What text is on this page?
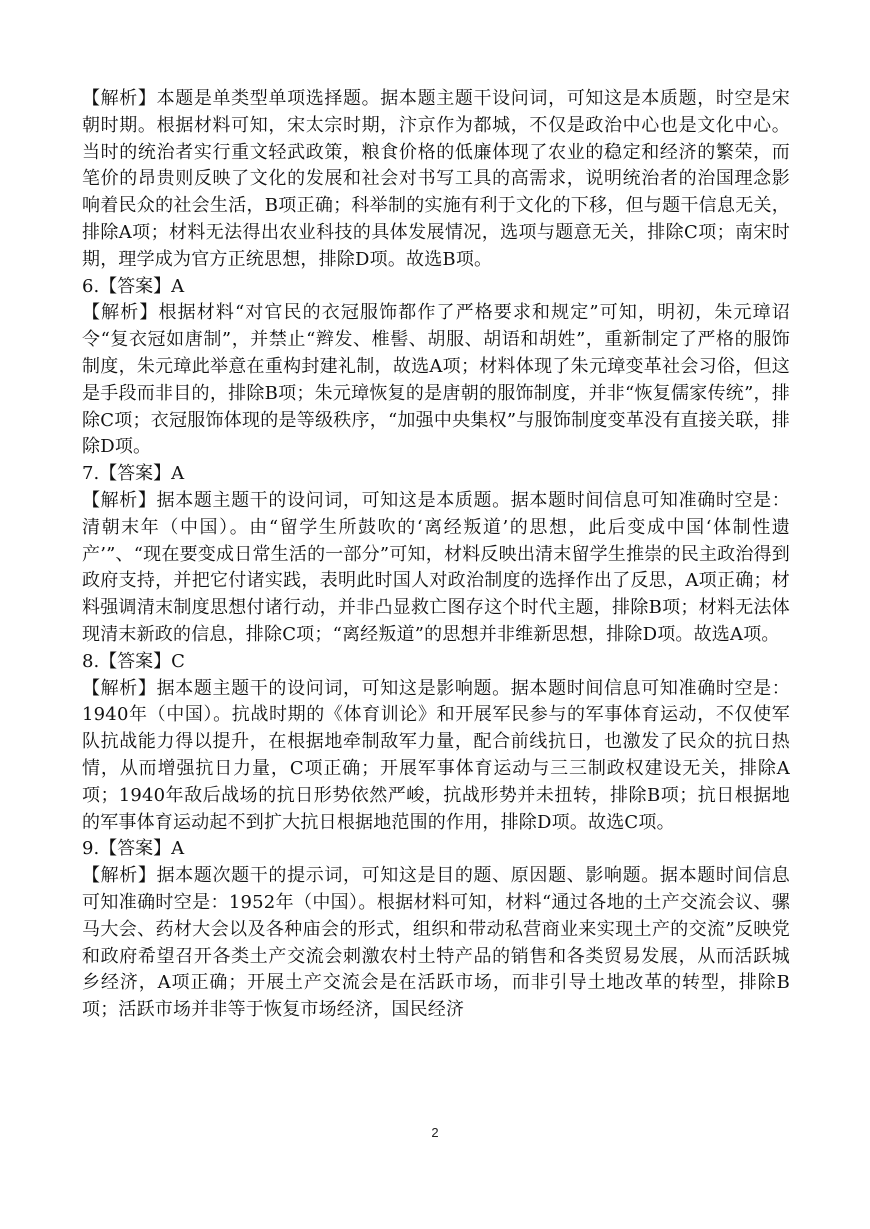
【解析】本题是单类型单项选择题。据本题主题干设问词，可知这是本质题，时空是宋朝时期。根据材料可知，宋太宗时期，汴京作为都城，不仅是政治中心也是文化中心。当时的统治者实行重文轻武政策，粮食价格的低廉体现了农业的稳定和经济的繁荣，而笔价的昂贵则反映了文化的发展和社会对书写工具的高需求，说明统治者的治国理念影响着民众的社会生活，B项正确；科举制的实施有利于文化的下移，但与题干信息无关，排除A项；材料无法得出农业科技的具体发展情况，选项与题意无关，排除C项；南宋时期，理学成为官方正统思想，排除D项。故选B项。

6.【答案】A

【解析】根据材料“对官民的衣冠服饰都作了严格要求和规定”可知，明初，朱元璋诏令“复衣冠如唐制”，并禁止“辫发、椎髻、胡服、胡语和胡姓”，重新制定了严格的服饰制度，朱元璋此举意在重构封建礼制，故选A项；材料体现了朱元璋变革社会习俗，但这是手段而非目的，排除B项；朱元璋恢复的是唐朝的服饰制度，并非“恢复儒家传统”，排除C项；衣冠服饰体现的是等级秩序，“加强中央集权”与服饰制度变革没有直接关联，排除D项。

7.【答案】A

【解析】据本题主题干的设问词，可知这是本质题。据本题时间信息可知准确时空是：清朝末年（中国）。由“留学生所鼓吹的‘离经叛道’的思想，此后变成中国‘体制性遗产’”、“现在要变成日常生活的一部分”可知，材料反映出清末留学生推崇的民主政治得到政府支持，并把它付诸实践，表明此时国人对政治制度的选择作出了反思，A项正确；材料强调清末制度思想付诸行动，并非凸显救亡图存这个时代主题，排除B项；材料无法体现清末新政的信息，排除C项；“离经叛道”的思想并非维新思想，排除D项。故选A项。

8.【答案】C

【解析】据本题主题干的设问词，可知这是影响题。据本题时间信息可知准确时空是：1940年（中国）。抗战时期的《体育训论》和开展军民参与的军事体育运动，不仅使军队抗战能力得以提升，在根据地牵制敌军力量，配合前线抗日，也激发了民众的抗日热情，从而增强抗日力量，C项正确；开展军事体育运动与三三制政权建设无关，排除A项；1940年敌后战场的抗日形势依然严峻，抗战形势并未扭转，排除B项；抗日根据地的军事体育运动起不到扩大抗日根据地范围的作用，排除D项。故选C项。

9.【答案】A

【解析】据本题次题干的提示词，可知这是目的题、原因题、影响题。据本题时间信息可知准确时空是：1952年（中国）。根据材料可知，材料“通过各地的土产交流会议、骡马大会、药材大会以及各种庙会的形式，组织和带动私营商业来实现土产的交流”反映党和政府希望召开各类土产交流会刺激农村土特产品的销售和各类贸易发展，从而活跃城乡经济，A项正确；开展土产交流会是在活跃市场，而非引导土地改革的转型，排除B项；活跃市场并非等于恢复市场经济，国民经济

2
